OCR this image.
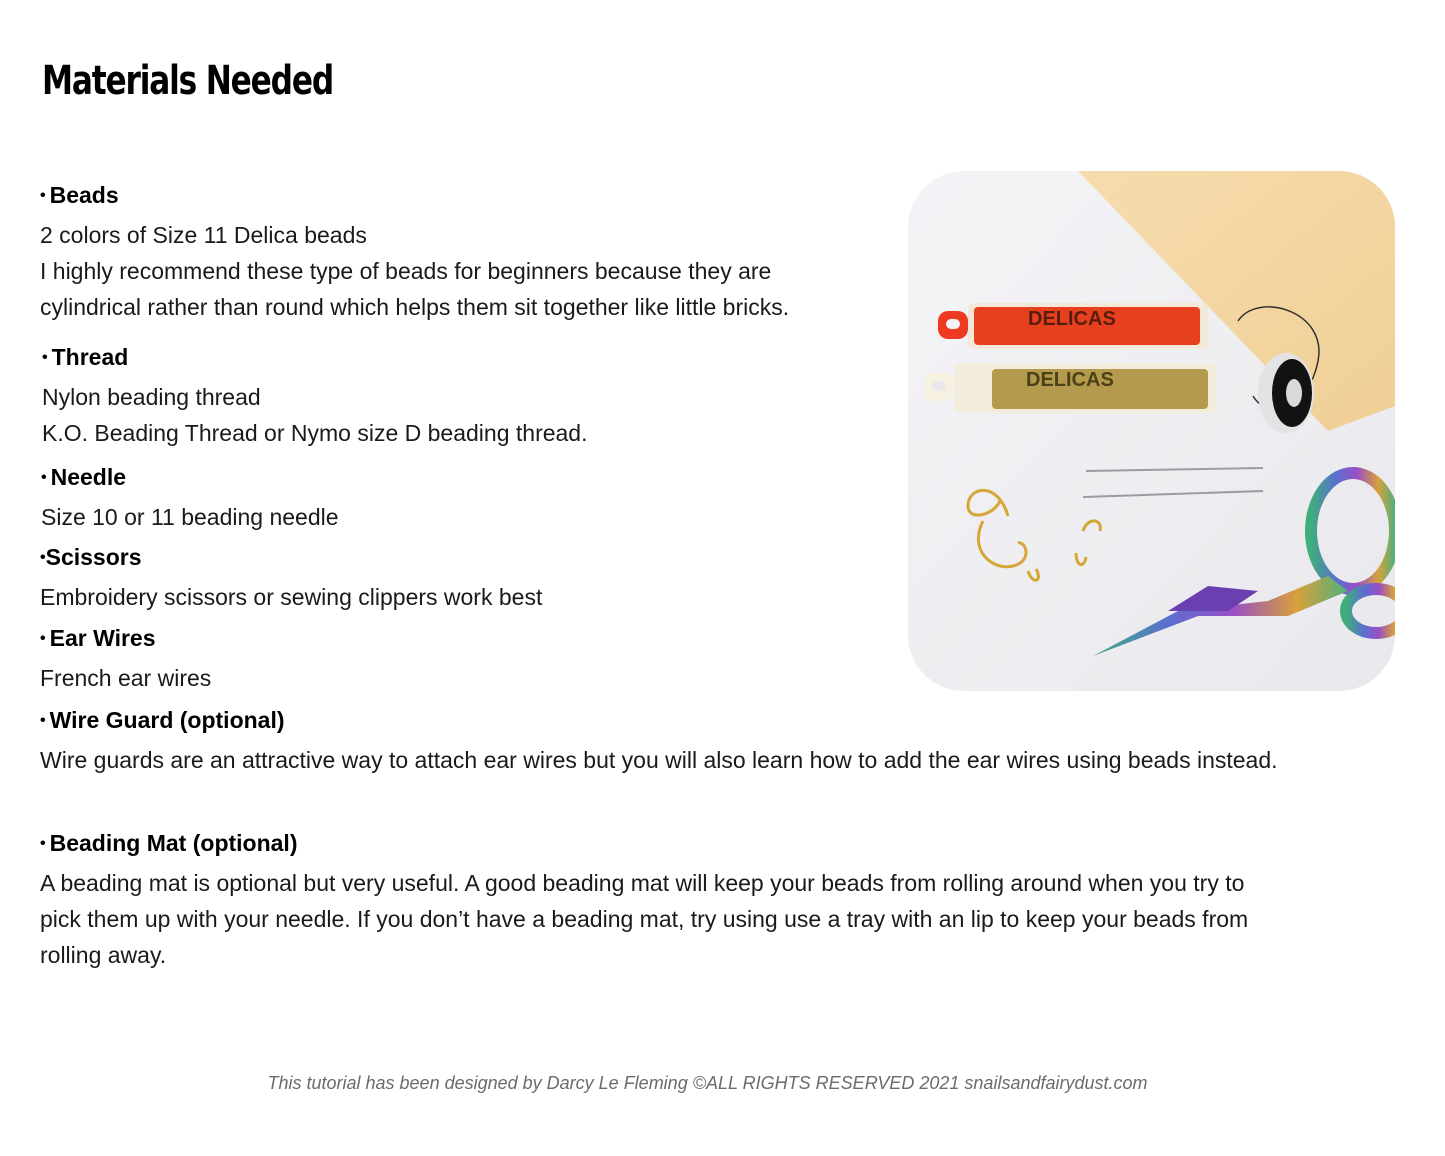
Materials Needed
• Beads
2 colors of Size 11 Delica beads
I highly recommend these type of beads for beginners because they are
cylindrical rather than round which helps them sit together like little bricks.
• Thread
Nylon beading thread
K.O. Beading Thread or Nymo size D beading thread.
• Needle
Size 10 or 11 beading needle
•Scissors
Embroidery scissors or sewing clippers work best
• Ear Wires
French ear wires
• Wire Guard (optional)
Wire guards are an attractive way to attach ear wires but you will also learn how to add the ear wires using beads instead.
• Beading Mat (optional)
A beading mat is optional but very useful. A good beading mat will keep your beads from rolling around when you try to
pick them up with your needle. If you don’t have a beading mat, try using use a tray with an lip to keep your beads from
rolling away.
DELICAS
DELICAS
This tutorial has been designed by Darcy Le Fleming ©ALL RIGHTS RESERVED 2021 snailsandfairydust.com
